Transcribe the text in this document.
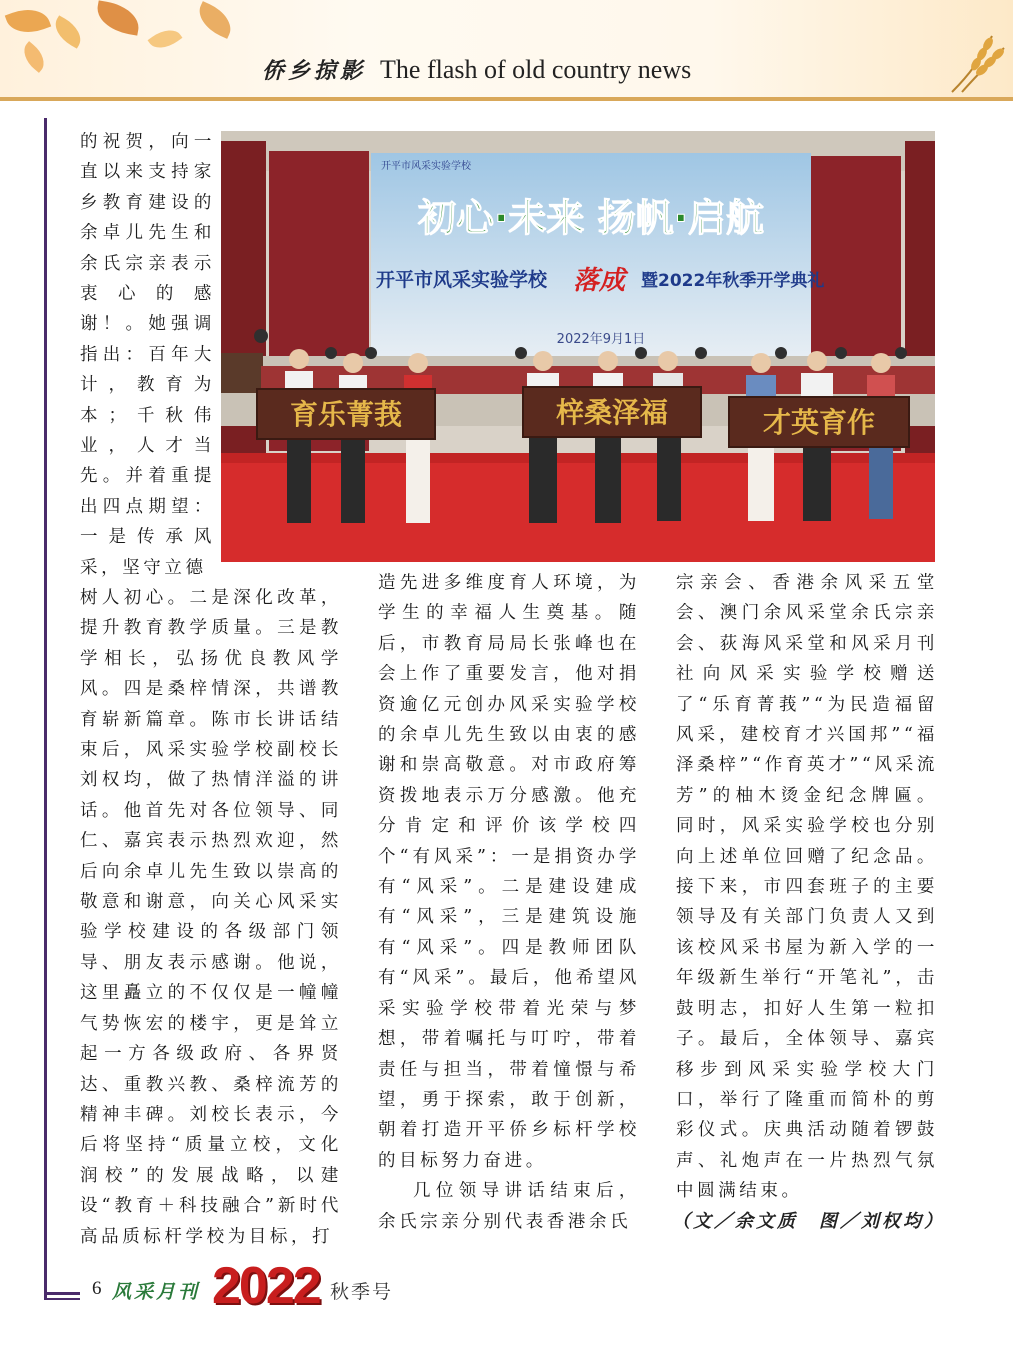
侨乡掠影 The flash of old country news
开平市风采实验学校
初心·未来 扬帆·启航
开平市风采实验学校 落成 暨2022年秋季开学典礼
2022年9月1日
育乐菁莪	梓桑泽福	才英育作
的祝贺，向一直以来支持家乡教育建设的余卓儿先生和余氏宗亲表示衷心的感谢！。她强调指出：百年大计，教育为本；千秋伟业，人才当先。并着重提出四点期望：一是传承风采，坚守立德
树人初心。二是深化改革，提升教育教学质量。三是教学相长，弘扬优良教风学风。四是桑梓情深，共谱教育崭新篇章。陈市长讲话结束后，风采实验学校副校长刘权均，做了热情洋溢的讲话。他首先对各位领导、同仁、嘉宾表示热烈欢迎，然后向余卓儿先生致以崇高的敬意和谢意，向关心风采实验学校建设的各级部门领导、朋友表示感谢。他说，这里矗立的不仅仅是一幢幢气势恢宏的楼宇，更是耸立起一方各级政府、各界贤达、重教兴教、桑梓流芳的精神丰碑。刘校长表示，今后将坚持“质量立校，文化润校”的发展战略，以建设“教育＋科技融合”新时代高品质标杆学校为目标，打
造先进多维度育人环境，为学生的幸福人生奠基。随后，市教育局局长张峰也在会上作了重要发言，他对捐资逾亿元创办风采实验学校的余卓儿先生致以由衷的感谢和崇高敬意。对市政府筹资拨地表示万分感激。他充分肯定和评价该学校四个“有风采”：一是捐资办学有“风采”。二是建设建成有“风采”，三是建筑设施有“风采”。四是教师团队有“风采”。最后，他希望风采实验学校带着光荣与梦想，带着嘱托与叮咛，带着责任与担当，带着憧憬与希望，勇于探索，敢于创新，朝着打造开平侨乡标杆学校的目标努力奋进。
几位领导讲话结束后，余氏宗亲分别代表香港余氏
宗亲会、香港余风采五堂会、澳门余风采堂余氏宗亲会、荻海风采堂和风采月刊社向风采实验学校赠送了“乐育菁莪”“为民造福留风采，建校育才兴国邦”“福泽桑梓”“作育英才”“风采流芳”的柚木烫金纪念牌匾。同时，风采实验学校也分别向上述单位回赠了纪念品。接下来，市四套班子的主要领导及有关部门负责人又到该校风采书屋为新入学的一年级新生举行“开笔礼”，击鼓明志，扣好人生第一粒扣子。最后，全体领导、嘉宾移步到风采实验学校大门口，举行了隆重而简朴的剪彩仪式。庆典活动随着锣鼓声、礼炮声在一片热烈气氛中圆满结束。
（文／余文质　图／刘权均）
6 风采月刊 2022 秋季号
